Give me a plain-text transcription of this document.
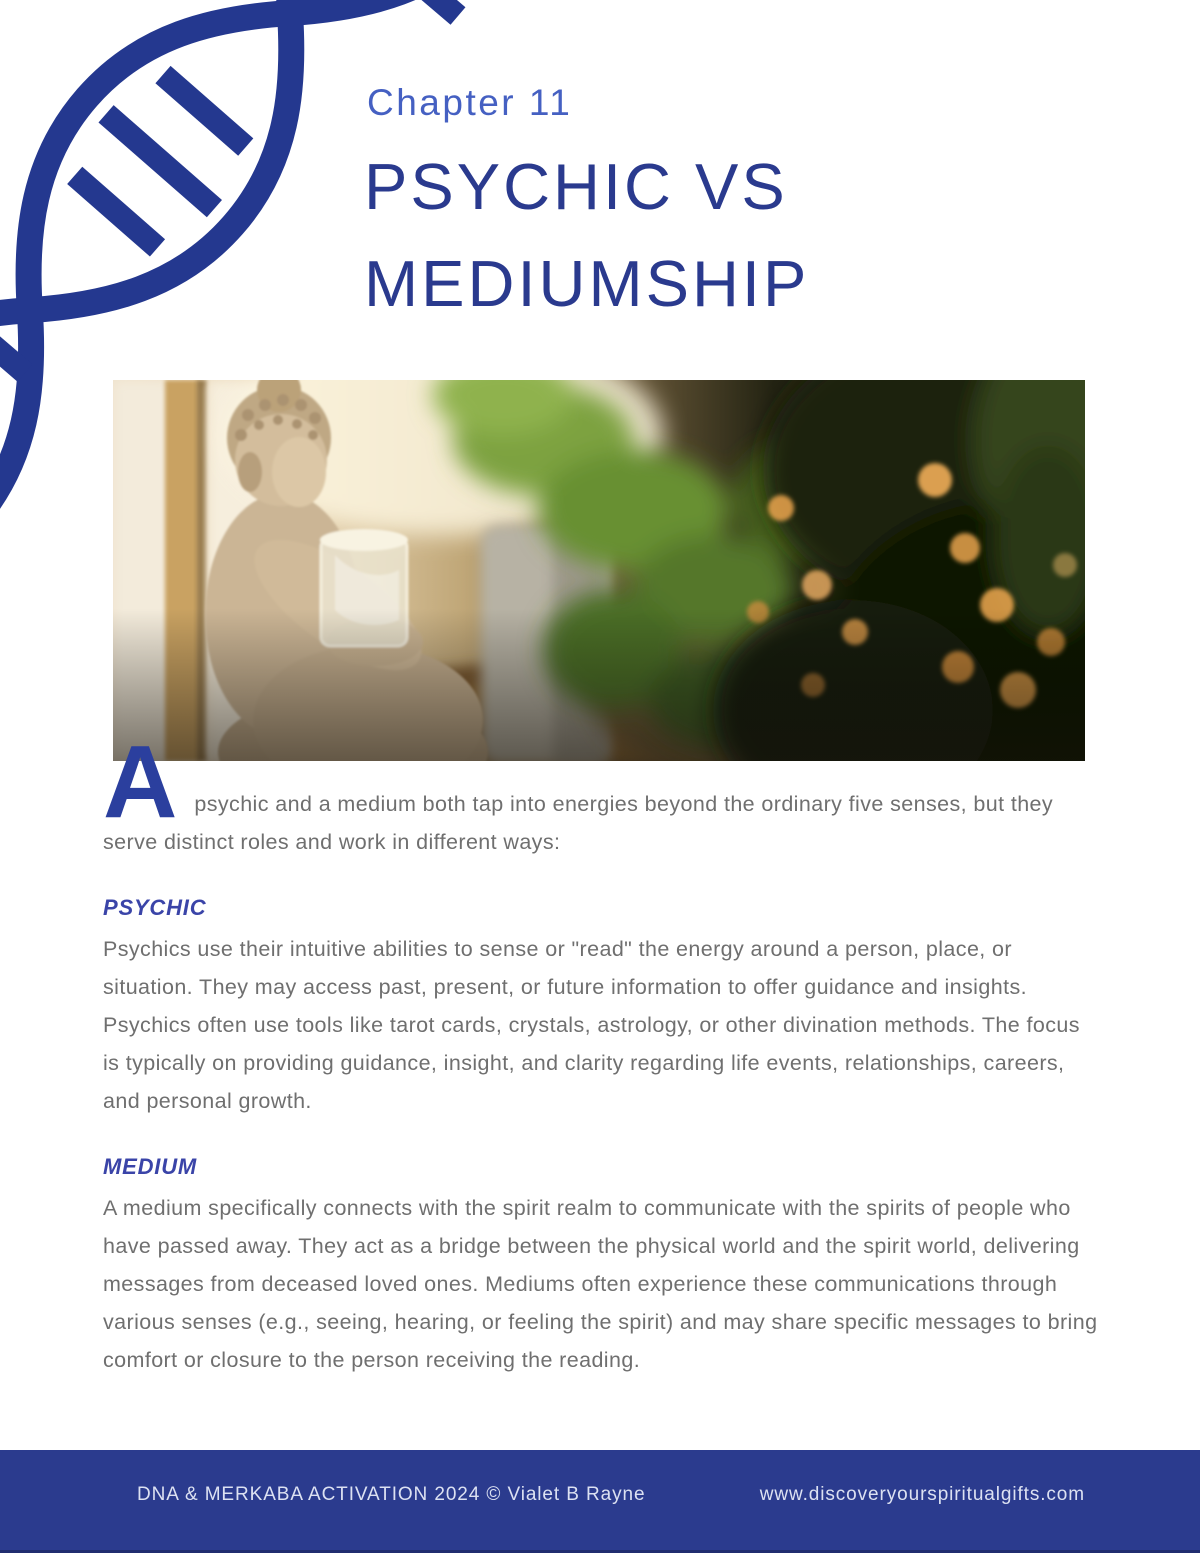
Chapter 11
PSYCHIC VS
MEDIUMSHIP

Apsychic and a medium both tap into energies beyond the ordinary five senses, but they serve distinct roles and work in different ways:

PSYCHIC

Psychics use their intuitive abilities to sense or "read" the energy around a person, place, or situation. They may access past, present, or future information to offer guidance and insights. Psychics often use tools like tarot cards, crystals, astrology, or other divination methods. The focus is typically on providing guidance, insight, and clarity regarding life events, relationships, careers, and personal growth.

MEDIUM

A medium specifically connects with the spirit realm to communicate with the spirits of people who have passed away. They act as a bridge between the physical world and the spirit world, delivering messages from deceased loved ones. Mediums often experience these communications through various senses (e.g., seeing, hearing, or feeling the spirit) and may share specific messages to bring comfort or closure to the person receiving the reading.

DNA & MERKABA ACTIVATION 2024 © Vialet B Rayne	www.discoveryourspiritualgifts.com
